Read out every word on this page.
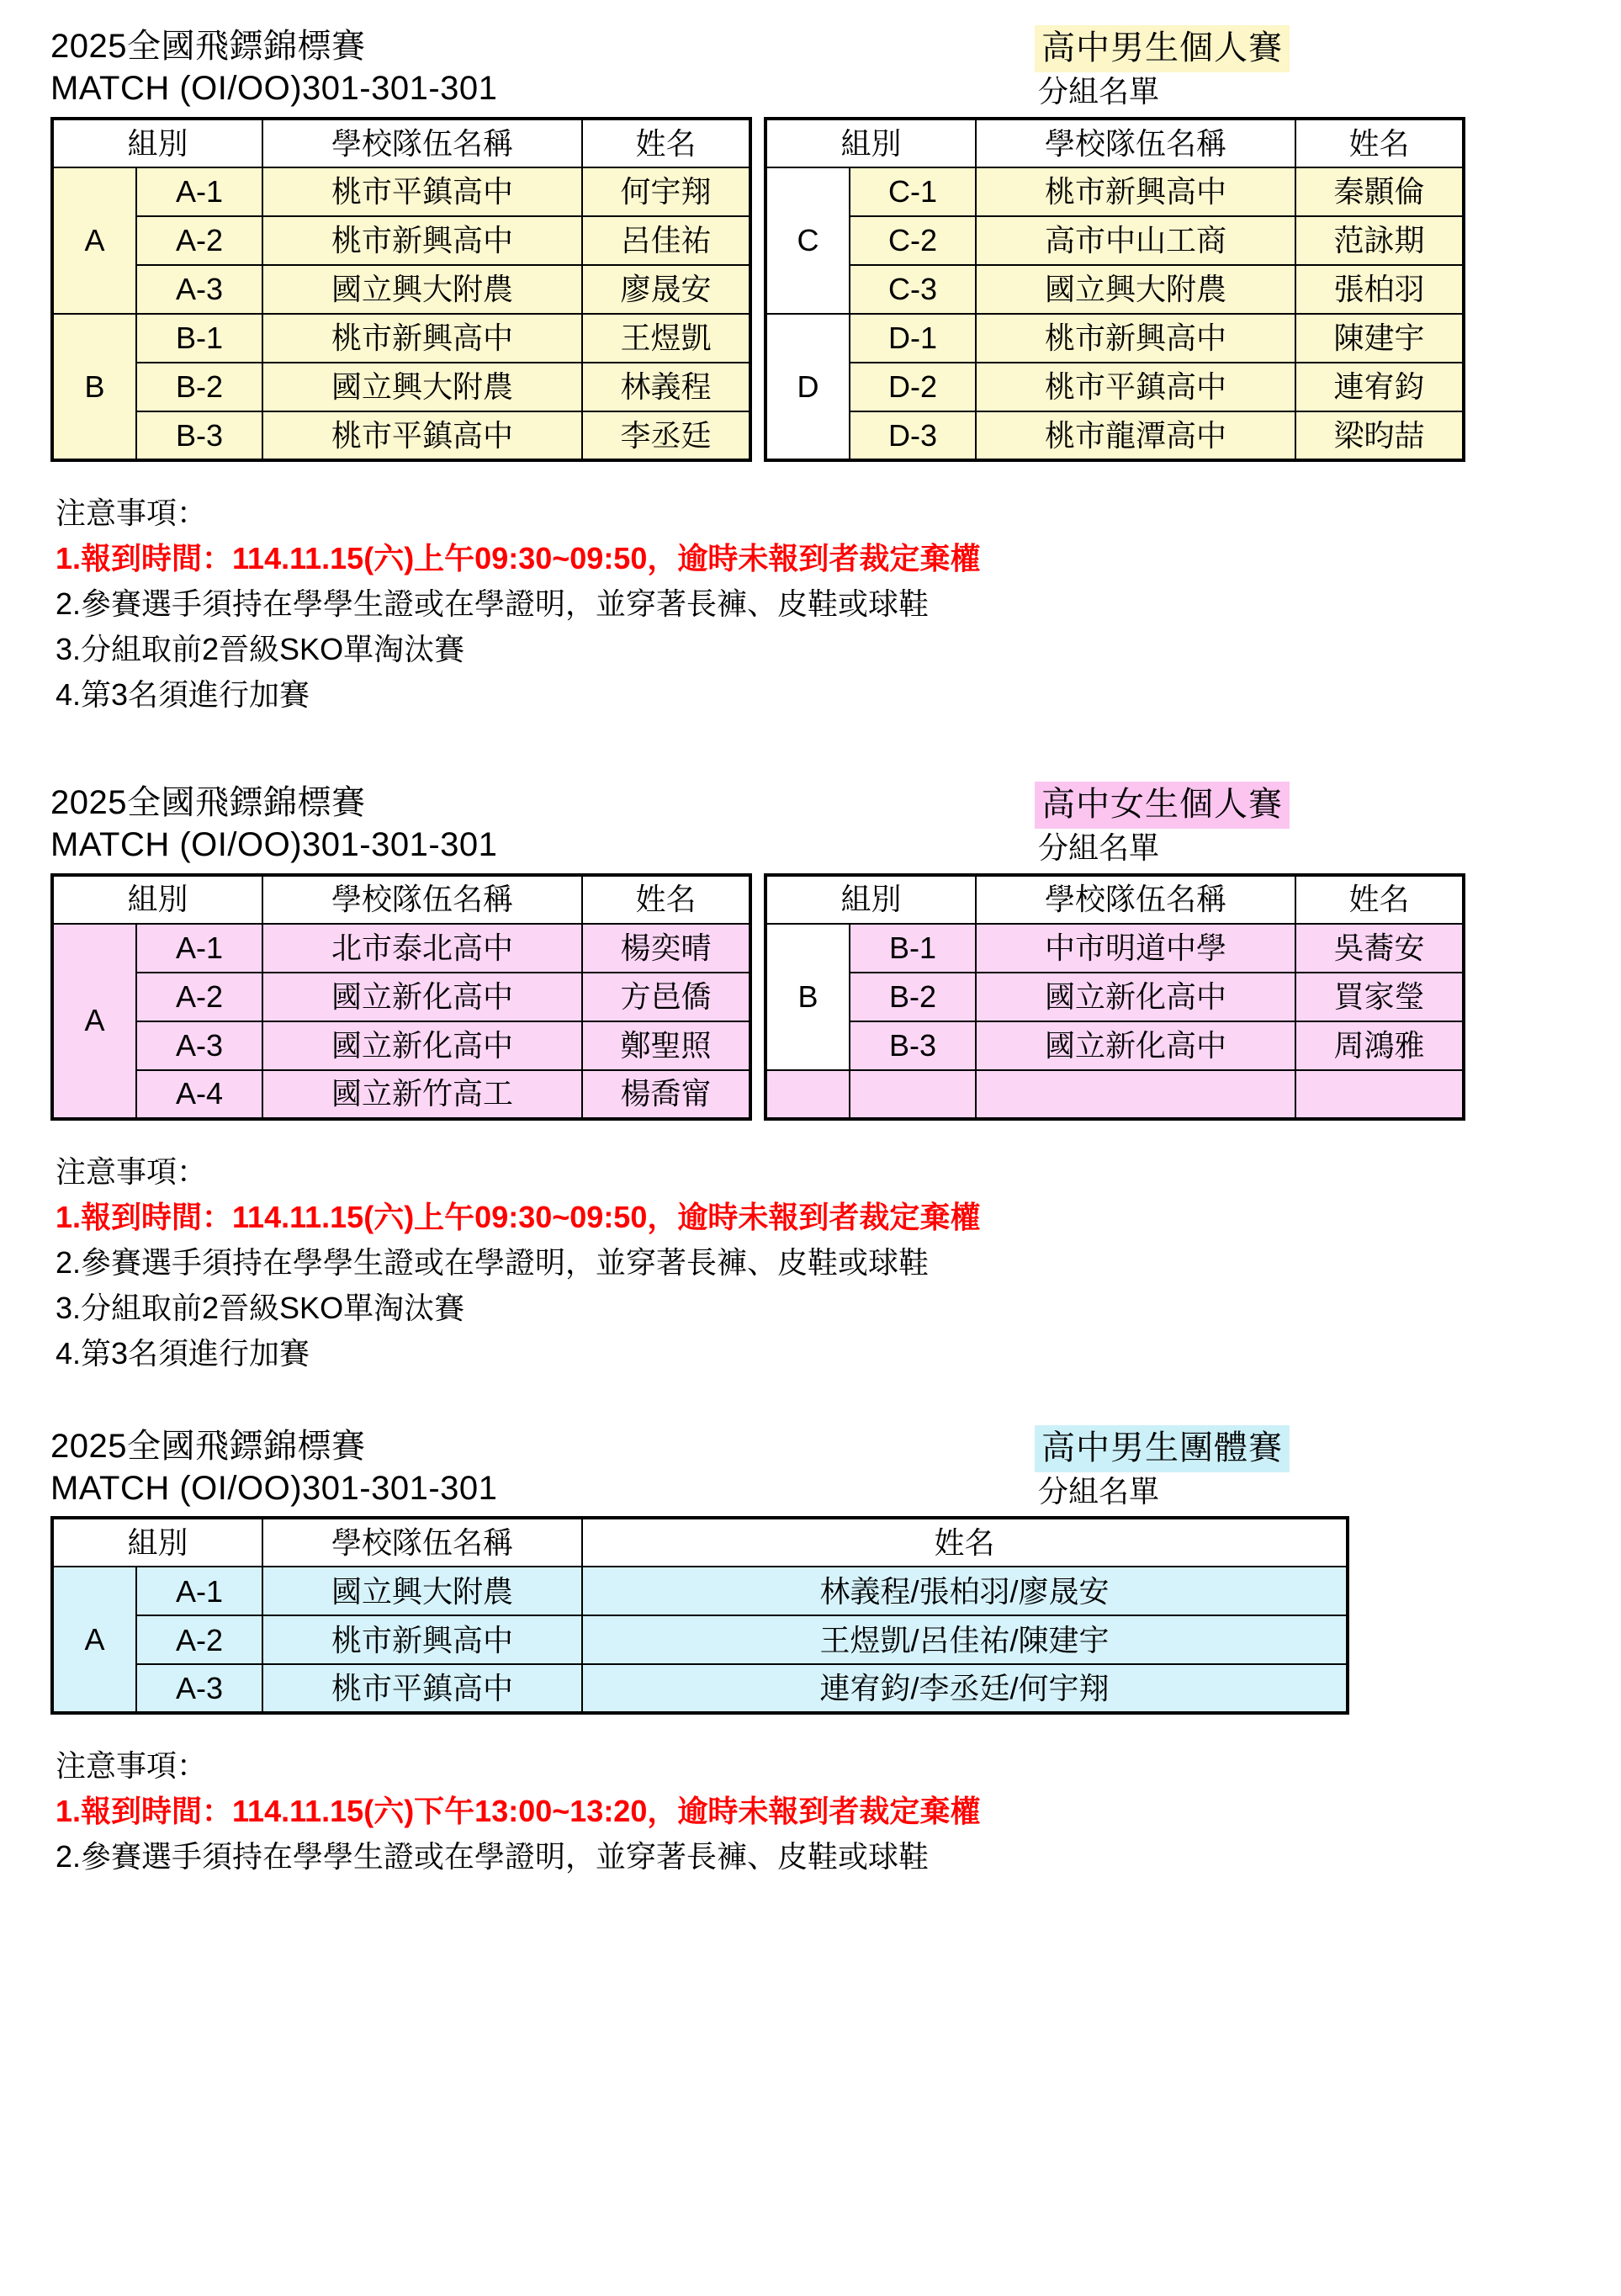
2025全國飛鏢錦標賽
MATCH (OI/OO)301-301-301
高中男生個人賽
分組名單
組別		學校隊伍名稱	姓名
A	A-1	桃市平鎮高中	何宇翔
	A-2	桃市新興高中	呂佳祐
	A-3	國立興大附農	廖晟安
B	B-1	桃市新興高中	王煜凱
	B-2	國立興大附農	林義程
	B-3	桃市平鎮高中	李丞廷
組別		學校隊伍名稱	姓名
C	C-1	桃市新興高中	秦顥倫
	C-2	高市中山工商	范詠期
	C-3	國立興大附農	張柏羽
D	D-1	桃市新興高中	陳建宇
	D-2	桃市平鎮高中	連宥鈞
	D-3	桃市龍潭高中	梁昀喆
注意事項：
1.報到時間：114.11.15(六)上午09:30~09:50，逾時未報到者裁定棄權
2.參賽選手須持在學學生證或在學證明，並穿著長褲、皮鞋或球鞋
3.分組取前2晉級SKO單淘汰賽
4.第3名須進行加賽
2025全國飛鏢錦標賽
MATCH (OI/OO)301-301-301
高中女生個人賽
分組名單
組別		學校隊伍名稱	姓名
A	A-1	北市泰北高中	楊奕晴
	A-2	國立新化高中	方邑僑
	A-3	國立新化高中	鄭聖照
	A-4	國立新竹高工	楊喬甯
組別		學校隊伍名稱	姓名
B	B-1	中市明道中學	吳蕎安
	B-2	國立新化高中	買家瑩
	B-3	國立新化高中	周鴻雅

注意事項：
1.報到時間：114.11.15(六)上午09:30~09:50，逾時未報到者裁定棄權
2.參賽選手須持在學學生證或在學證明，並穿著長褲、皮鞋或球鞋
3.分組取前2晉級SKO單淘汰賽
4.第3名須進行加賽
2025全國飛鏢錦標賽
MATCH (OI/OO)301-301-301
高中男生團體賽
分組名單
組別		學校隊伍名稱	姓名
A	A-1	國立興大附農	林義程/張柏羽/廖晟安
	A-2	桃市新興高中	王煜凱/呂佳祐/陳建宇
	A-3	桃市平鎮高中	連宥鈞/李丞廷/何宇翔
注意事項：
1.報到時間：114.11.15(六)下午13:00~13:20，逾時未報到者裁定棄權
2.參賽選手須持在學學生證或在學證明，並穿著長褲、皮鞋或球鞋
